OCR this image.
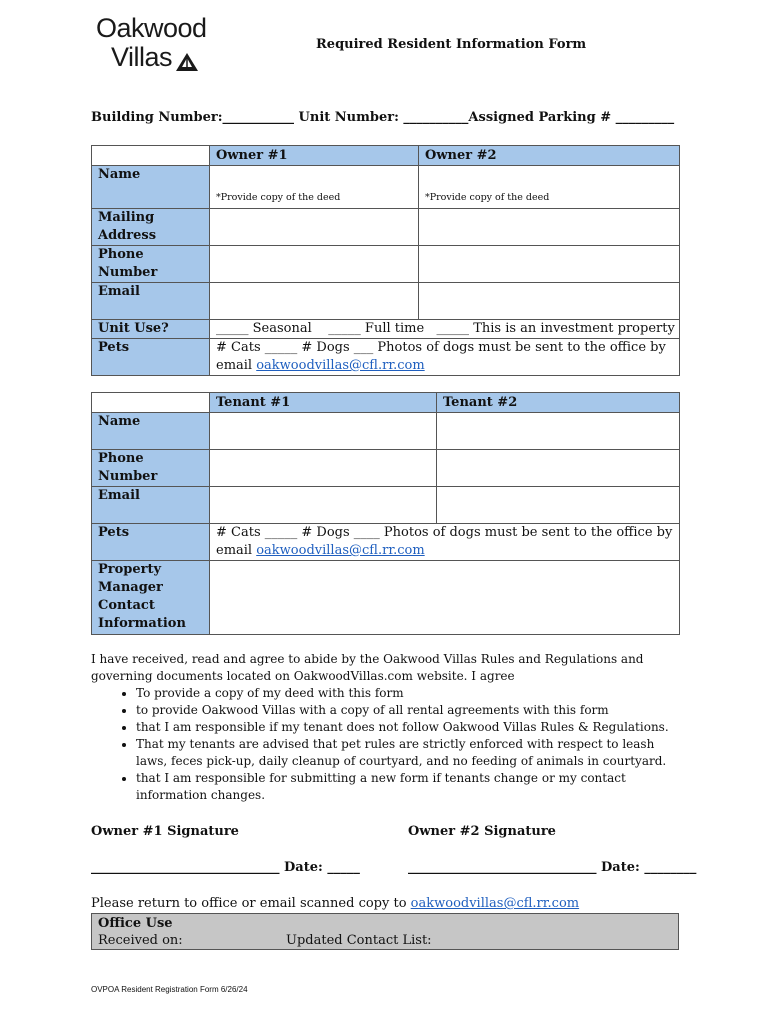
Oakwood
Villas	Required Resident Information Form
Building Number:___________ Unit Number: __________Assigned Parking # _________
	Owner #1	Owner #2
Name	*Provide copy of the deed	*Provide copy of the deed

Mailing Address		
Phone Number		
Email		
Unit Use?	_____ Seasonal    _____ Full time   _____ This is an investment property	
Pets	# Cats _____ # Dogs ___ Photos of dogs must be sent to the office by email oakwoodvillas@cfl.rr.com	
	Tenant #1	Tenant #2
Name		
Phone Number		
Email		
Pets	# Cats _____ # Dogs ____ Photos of dogs must be sent to the office by email oakwoodvillas@cfl.rr.com	
Property Manager Contact Information		
I have received, read and agree to abide by the Oakwood Villas Rules and Regulations and governing documents located on OakwoodVillas.com website. I agree
• To provide a copy of my deed with this form
• to provide Oakwood Villas with a copy of all rental agreements with this form
• that I am responsible if my tenant does not follow Oakwood Villas Rules & Regulations.
• That my tenants are advised that pet rules are strictly enforced with respect to leash laws, feces pick-up, daily cleanup of courtyard, and no feeding of animals in courtyard.
• that I am responsible for submitting a new form if tenants change or my contact information changes.
Owner #1 Signature	Owner #2 Signature
_____________________________ Date: _____	_____________________________ Date: ________
Please return to office or email scanned copy to oakwoodvillas@cfl.rr.com
Office Use
Received on:	Updated Contact List:
OVPOA Resident Registration Form 6/26/24
